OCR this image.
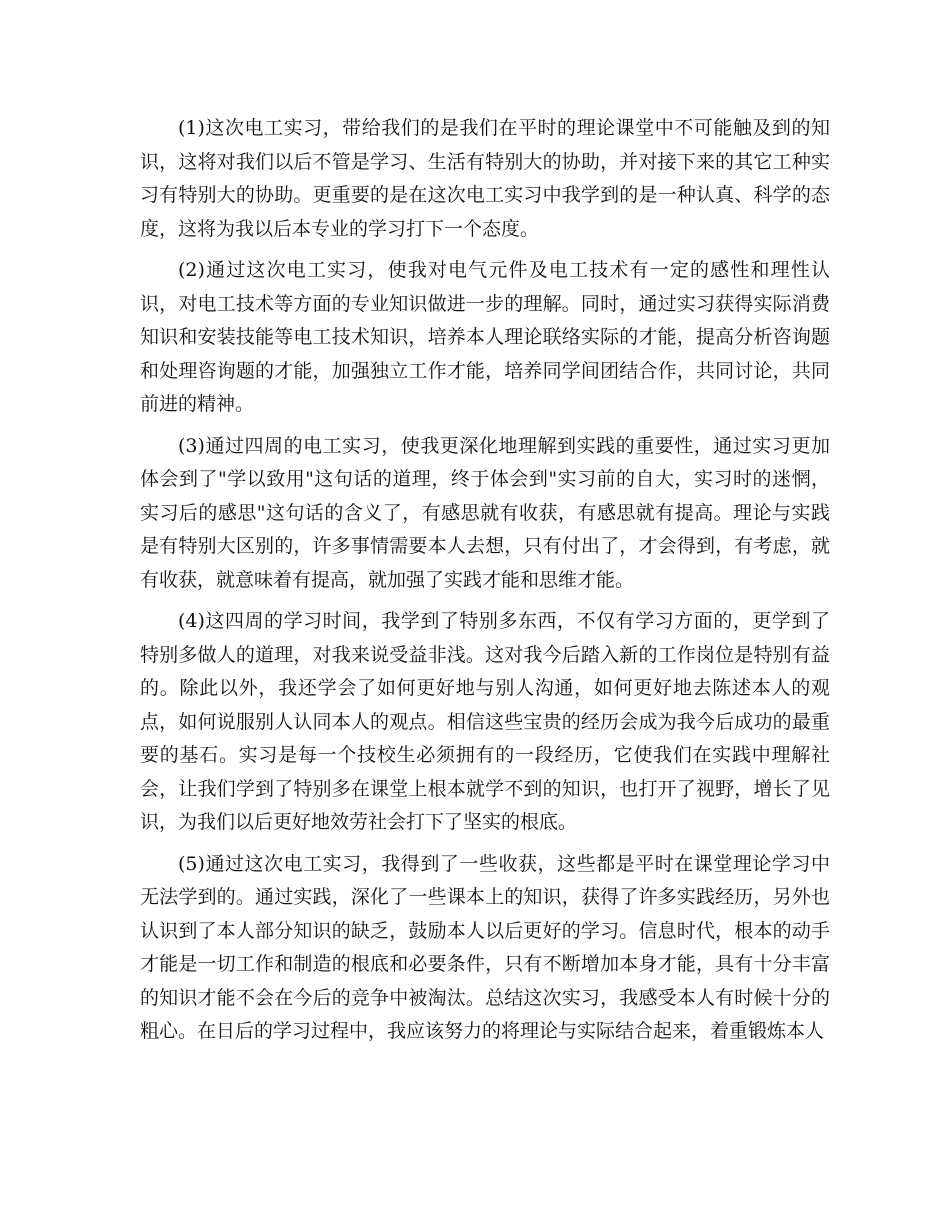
(1)这次电工实习，带给我们的是我们在平时的理论课堂中不可能触及到的知识，这将对我们以后不管是学习、生活有特别大的协助，并对接下来的其它工种实习有特别大的协助。更重要的是在这次电工实习中我学到的是一种认真、科学的态度，这将为我以后本专业的学习打下一个态度。

(2)通过这次电工实习，使我对电气元件及电工技术有一定的感性和理性认识，对电工技术等方面的专业知识做进一步的理解。同时，通过实习获得实际消费知识和安装技能等电工技术知识，培养本人理论联络实际的才能，提高分析咨询题和处理咨询题的才能，加强独立工作才能，培养同学间团结合作，共同讨论，共同前进的精神。

(3)通过四周的电工实习，使我更深化地理解到实践的重要性，通过实习更加体会到了"学以致用"这句话的道理，终于体会到"实习前的自大，实习时的迷惘，实习后的感思"这句话的含义了，有感思就有收获，有感思就有提高。理论与实践是有特别大区别的，许多事情需要本人去想，只有付出了，才会得到，有考虑，就有收获，就意味着有提高，就加强了实践才能和思维才能。

(4)这四周的学习时间，我学到了特别多东西，不仅有学习方面的，更学到了特别多做人的道理，对我来说受益非浅。这对我今后踏入新的工作岗位是特别有益的。除此以外，我还学会了如何更好地与别人沟通，如何更好地去陈述本人的观点，如何说服别人认同本人的观点。相信这些宝贵的经历会成为我今后成功的最重要的基石。实习是每一个技校生必须拥有的一段经历，它使我们在实践中理解社会，让我们学到了特别多在课堂上根本就学不到的知识，也打开了视野，增长了见识，为我们以后更好地效劳社会打下了坚实的根底。

(5)通过这次电工实习，我得到了一些收获，这些都是平时在课堂理论学习中无法学到的。通过实践，深化了一些课本上的知识，获得了许多实践经历，另外也认识到了本人部分知识的缺乏，鼓励本人以后更好的学习。信息时代，根本的动手才能是一切工作和制造的根底和必要条件，只有不断增加本身才能，具有十分丰富的知识才能不会在今后的竞争中被淘汰。总结这次实习，我感受本人有时候十分的粗心。在日后的学习过程中，我应该努力的将理论与实际结合起来，着重锻炼本人
